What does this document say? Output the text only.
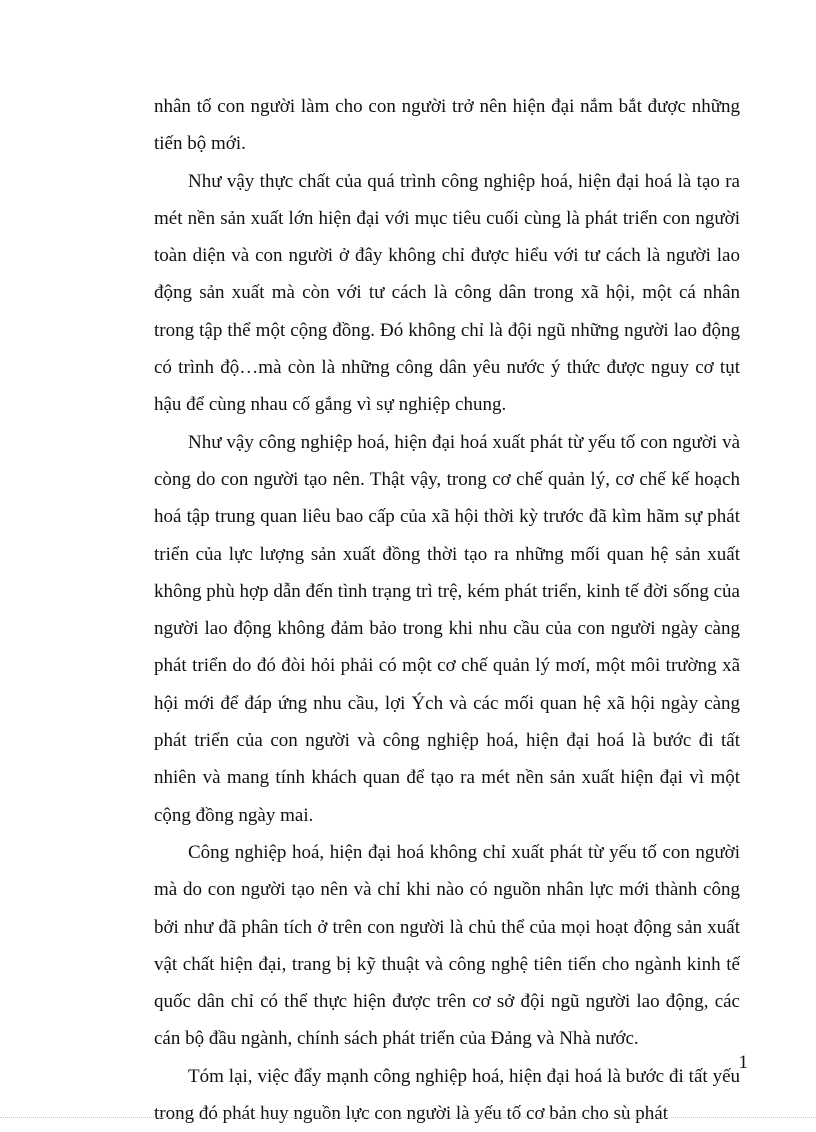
nhân tố con người làm cho con người trở nên hiện đại nắm bắt được những tiến bộ mới.

Như vậy thực chất của quá trình công nghiệp hoá, hiện đại hoá là tạo ra mét nền sản xuất lớn hiện đại với mục tiêu cuối cùng là phát triển con người toàn diện và con người ở đây không chỉ được hiểu với tư cách là người lao động sản xuất mà còn với tư cách là công dân trong xã hội, một cá nhân trong tập thể một cộng đồng. Đó không chỉ là đội ngũ những người lao động có trình độ…mà còn là những công dân yêu nước ý thức được nguy cơ tụt hậu để cùng nhau cố gắng vì sự nghiệp chung.

Như vậy công nghiệp hoá, hiện đại hoá xuất phát từ yếu tố con người và còng do con người tạo nên. Thật vậy, trong cơ chế quản lý, cơ chế kế hoạch hoá tập trung quan liêu bao cấp của xã hội thời kỳ trước đã kìm hãm sự phát triển của lực lượng sản xuất đồng thời tạo ra những mối quan hệ sản xuất không phù hợp dẫn đến tình trạng trì trệ, kém phát triển, kinh tế đời sống của người lao động không đảm bảo trong khi nhu cầu của con người ngày càng phát triển do đó đòi hỏi phải có một cơ chế quản lý mơí, một môi trường xã hội mới để đáp ứng nhu cầu, lợi Ých và các mối quan hệ xã hội ngày càng phát triển của con người và công nghiệp hoá, hiện đại hoá là bước đi tất nhiên và mang tính khách quan để tạo ra mét nền sản xuất hiện đại vì một cộng đồng ngày mai.

Công nghiệp hoá, hiện đại hoá không chỉ xuất phát từ yếu tố con người mà do con người tạo nên và chỉ khi nào có nguồn nhân lực mới thành công bởi như đã phân tích ở trên con người là chủ thể của mọi hoạt động sản xuất vật chất hiện đại, trang bị kỹ thuật và công nghệ tiên tiến cho ngành kinh tế quốc dân chỉ có thể thực hiện được trên cơ sở đội ngũ người lao động, các cán bộ đầu ngành, chính sách phát triển của Đảng và Nhà nước.

Tóm lại, việc đẩy mạnh công nghiệp hoá, hiện đại hoá là bước đi tất yếu trong đó phát huy nguồn lực con người là yếu tố cơ bản cho sù phát

1
